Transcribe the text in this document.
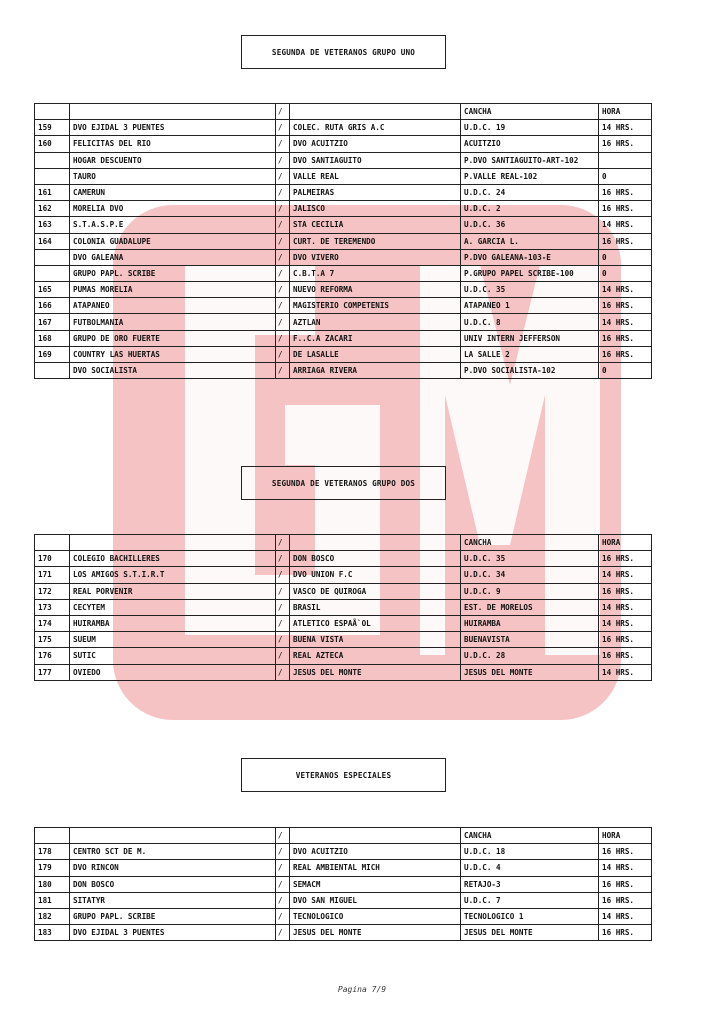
SEGUNDA DE VETERANOS GRUPO UNO
		/		CANCHA	HORA
159	DVO EJIDAL 3 PUENTES	/	COLEC. RUTA GRIS A.C	U.D.C. 19	14 HRS.
160	FELICITAS DEL RIO	/	DVO ACUITZIO	ACUITZIO	16 HRS.
	HOGAR DESCUENTO	/	DVO SANTIAGUITO	P.DVO SANTIAGUITO-ART-102	
	TAURO	/	VALLE REAL	P.VALLE REAL-102	0
161	CAMERUN	/	PALMEIRAS	U.D.C. 24	16 HRS.
162	MORELIA DVO	/	JALISCO	U.D.C. 2	16 HRS.
163	S.T.A.S.P.E	/	STA CECILIA	U.D.C. 36	14 HRS.
164	COLONIA GUADALUPE	/	CURT. DE TEREMENDO	A. GARCIA L.	16 HRS.
	DVO GALEANA	/	DVO VIVERO	P.DVO GALEANA-103-E	0
	GRUPO PAPL. SCRIBE	/	C.B.T.A 7	P.GRUPO PAPEL SCRIBE-100	0
165	PUMAS MORELIA	/	NUEVO REFORMA	U.D.C. 35	14 HRS.
166	ATAPANEO	/	MAGISTERIO COMPETENIS	ATAPANEO 1	16 HRS.
167	FUTBOLMANIA	/	AZTLAN	U.D.C. 8	14 HRS.
168	GRUPO DE ORO FUERTE	/	F..C.A ZACARI	UNIV INTERN JEFFERSON	16 HRS.
169	COUNTRY LAS HUERTAS	/	DE LASALLE	LA SALLE 2	16 HRS.
	DVO SOCIALISTA	/	ARRIAGA RIVERA	P.DVO SOCIALISTA-102	0
SEGUNDA DE VETERANOS GRUPO DOS
		/		CANCHA	HORA
170	COLEGIO BACHILLERES	/	DON BOSCO	U.D.C. 35	16 HRS.
171	LOS AMIGOS S.T.I.R.T	/	DVO UNION F.C	U.D.C. 34	14 HRS.
172	REAL PORVENIR	/	VASCO DE QUIROGA	U.D.C. 9	16 HRS.
173	CECYTEM	/	BRASIL	EST. DE MORELOS	14 HRS.
174	HUIRAMBA	/	ATLETICO ESPAÃ`OL	HUIRAMBA	14 HRS.
175	SUEUM	/	BUENA VISTA	BUENAVISTA	16 HRS.
176	SUTIC	/	REAL AZTECA	U.D.C. 28	16 HRS.
177	OVIEDO	/	JESUS DEL MONTE	JESUS DEL MONTE	14 HRS.
VETERANOS ESPECIALES
		/		CANCHA	HORA
178	CENTRO SCT DE M.	/	DVO ACUITZIO	U.D.C. 18	16 HRS.
179	DVO RINCON	/	REAL AMBIENTAL MICH	U.D.C. 4	14 HRS.
180	DON BOSCO	/	SEMACM	RETAJO-3	16 HRS.
181	SITATYR	/	DVO SAN MIGUEL	U.D.C. 7	16 HRS.
182	GRUPO PAPL. SCRIBE	/	TECNOLOGICO	TECNOLOGICO 1	14 HRS.
183	DVO EJIDAL 3 PUENTES	/	JESUS DEL MONTE	JESUS DEL MONTE	16 HRS.
Pagina 7/9
